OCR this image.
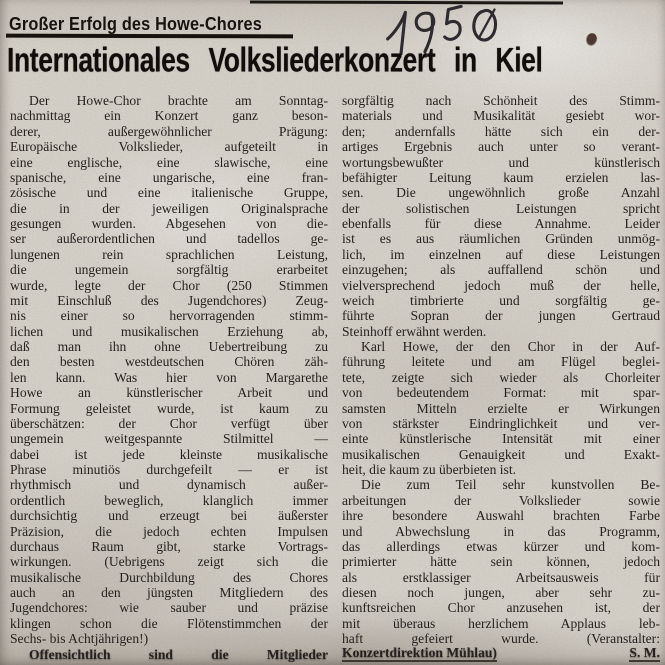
Großer Erfolg des Howe-Chores
Internationales Volksliederkonzert in Kiel
Der Howe-Chor brachte am Sonntag-
nachmittag ein Konzert ganz beson-
derer, außergewöhnlicher Prägung:
Europäische Volkslieder, aufgeteilt in
eine englische, eine slawische, eine
spanische, eine ungarische, eine fran-
zösische und eine italienische Gruppe,
die in der jeweiligen Originalsprache
gesungen wurden. Abgesehen von die-
ser außerordentlichen und tadellos ge-
lungenen rein sprachlichen Leistung,
die ungemein sorgfältig erarbeitet
wurde, legte der Chor (250 Stimmen
mit Einschluß des Jugendchores) Zeug-
nis einer so hervorragenden stimm-
lichen und musikalischen Erziehung ab,
daß man ihn ohne Uebertreibung zu
den besten westdeutschen Chören zäh-
len kann. Was hier von Margarethe
Howe an künstlerischer Arbeit und
Formung geleistet wurde, ist kaum zu
überschätzen: der Chor verfügt über
ungemein weitgespannte Stilmittel —
dabei ist jede kleinste musikalische
Phrase minutiös durchgefeilt — er ist
rhythmisch und dynamisch außer-
ordentlich beweglich, klanglich immer
durchsichtig und erzeugt bei äußerster
Präzision, die jedoch echten Impulsen
durchaus Raum gibt, starke Vortrags-
wirkungen. (Uebrigens zeigt sich die
musikalische Durchbildung des Chores
auch an den jüngsten Mitgliedern des
Jugendchores: wie sauber und präzise
klingen schon die Flötenstimmchen der
Sechs- bis Achtjährigen!)
Offensichtlich sind die Mitglieder
sorgfältig nach Schönheit des Stimm-
materials und Musikalität gesiebt wor-
den; andernfalls hätte sich ein der-
artiges Ergebnis auch unter so verant-
wortungsbewußter und künstlerisch
befähigter Leitung kaum erzielen las-
sen. Die ungewöhnlich große Anzahl
der solistischen Leistungen spricht
ebenfalls für diese Annahme. Leider
ist es aus räumlichen Gründen unmög-
lich, im einzelnen auf diese Leistungen
einzugehen; als auffallend schön und
vielversprechend jedoch muß der helle,
weich timbrierte und sorgfältig ge-
führte Sopran der jungen Gertraud
Steinhoff erwähnt werden.
Karl Howe, der den Chor in der Auf-
führung leitete und am Flügel beglei-
tete, zeigte sich wieder als Chorleiter
von bedeutendem Format: mit spar-
samsten Mitteln erzielte er Wirkungen
von stärkster Eindringlichkeit und ver-
einte künstlerische Intensität mit einer
musikalischen Genauigkeit und Exakt-
heit, die kaum zu überbieten ist.
Die zum Teil sehr kunstvollen Be-
arbeitungen der Volkslieder sowie
ihre besondere Auswahl brachten Farbe
und Abwechslung in das Programm,
das allerdings etwas kürzer und kom-
primierter hätte sein können, jedoch
als erstklassiger Arbeitsausweis für
diesen noch jungen, aber sehr zu-
kunftsreichen Chor anzusehen ist, der
mit überaus herzlichem Applaus leb-
haft gefeiert wurde. (Veranstalter:
Konzertdirektion Mühlau)	S. M.
